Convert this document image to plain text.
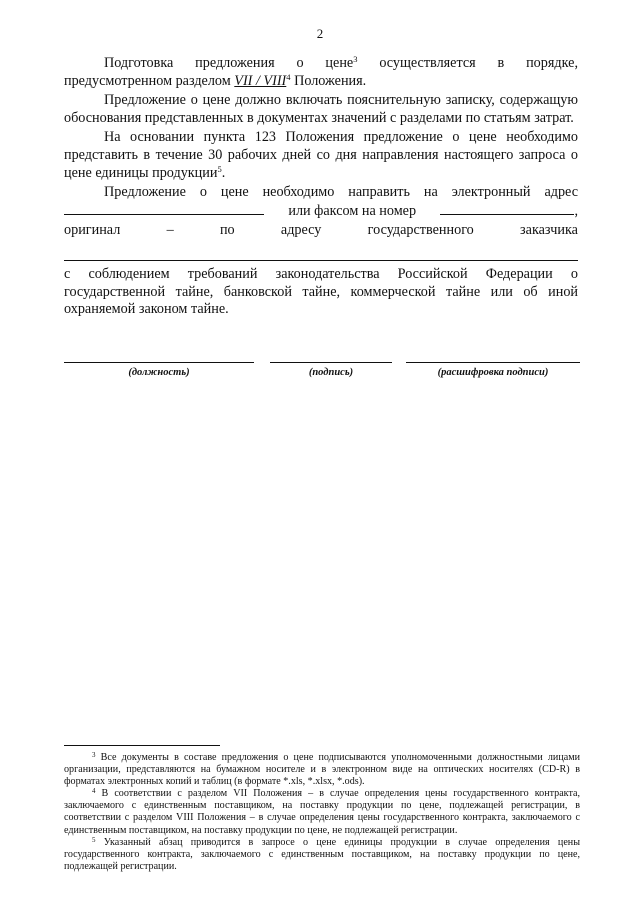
2

Подготовка предложения о цене$^3$ осуществляется в порядке, предусмотренном разделом VII / VIII$^4$ Положения.

Предложение о цене должно включать пояснительную записку, содержащую обоснования представленных в документах значений с разделами по статьям затрат.

На основании пункта 123 Положения предложение о цене необходимо представить в течение 30 рабочих дней со дня направления настоящего запроса о цене единицы продукции$^5$.

Предложение о цене необходимо направить на электронный адрес

или факсом на номер	,
оригинал	–	по	адресу	государственного	заказчика
с соблюдением требований законодательства Российской Федерации о государственной тайне, банковской тайне, коммерческой тайне или об иной охраняемой законом тайне.
(должность)	(подпись)	(расшифровка подписи)

$^3$ Все документы в составе предложения о цене подписываются уполномоченными должностными лицами организации, представляются на бумажном носителе и в электронном виде на оптических носителях (CD-R) в форматах электронных копий и таблиц (в формате *.xls, *.xlsx, *.ods).

$^4$ В соответствии с разделом VII Положения – в случае определения цены государственного контракта, заключаемого с единственным поставщиком, на поставку продукции по цене, подлежащей регистрации, в соответствии с разделом VIII Положения – в случае определения цены государственного контракта, заключаемого с единственным поставщиком, на поставку продукции по цене, не подлежащей регистрации.

$^5$ Указанный абзац приводится в запросе о цене единицы продукции в случае определения цены государственного контракта, заключаемого с единственным поставщиком, на поставку продукции по цене, подлежащей регистрации.
